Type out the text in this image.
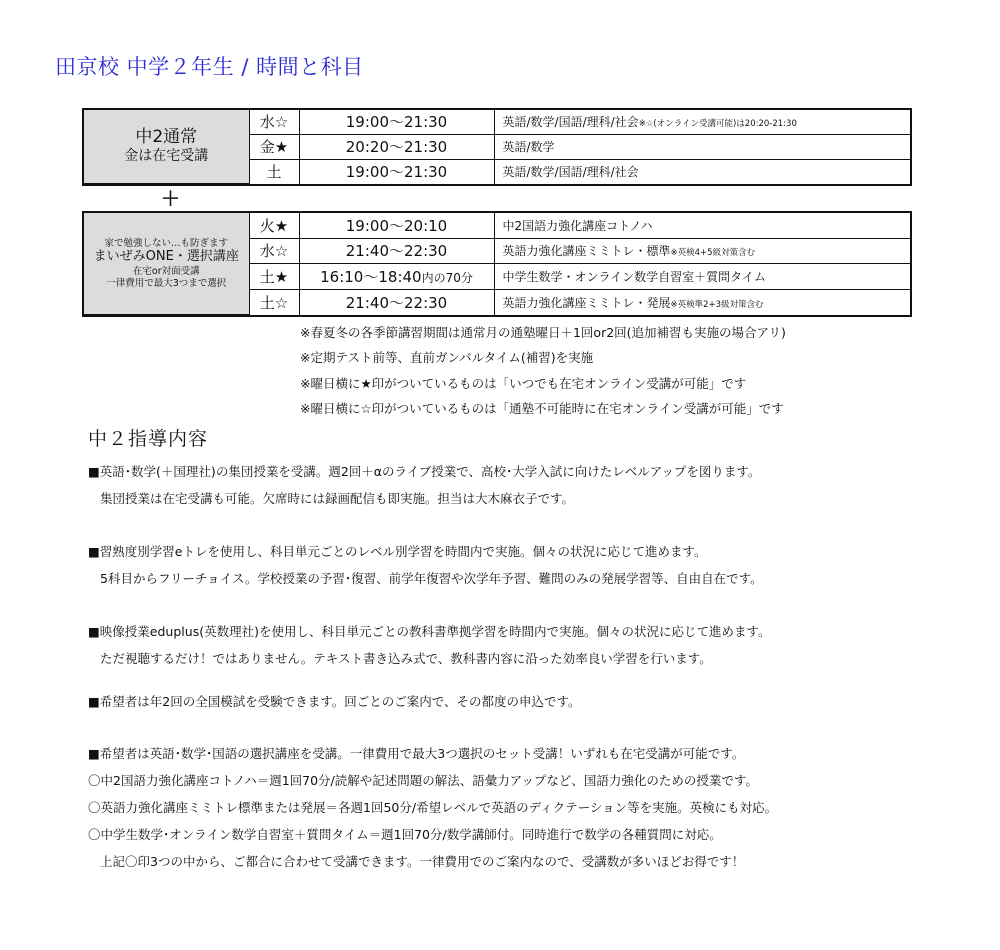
田京校 中学２年生 / 時間と科目
中2通常
金は在宅受講	水☆	19:00～21:30	英語/数学/国語/理科/社会※☆(オンライン受講可能)は20:20-21:30
	金★	20:20～21:30	英語/数学
	土	19:00～21:30	英語/数学/国語/理科/社会
＋
家で勉強しない…も防ぎます
まいぜみONE・選択講座
在宅or対面受講
一律費用で最大3つまで選択	火★	19:00～20:10	中2国語力強化講座コトノハ
	水☆	21:40～22:30	英語力強化講座ミミトレ・標準※英検4+5級対策含む
	土★	16:10～18:40内の70分	中学生数学・オンライン数学自習室＋質問タイム
	土☆	21:40～22:30	英語力強化講座ミミトレ・発展※英検準2+3級対策含む
※春夏冬の各季節講習期間は通常月の通塾曜日＋1回or2回(追加補習も実施の場合アリ)
※定期テスト前等、直前ガンバルタイム(補習)を実施
※曜日横に★印がついているものは「いつでも在宅オンライン受講が可能」です
※曜日横に☆印がついているものは「通塾不可能時に在宅オンライン受講が可能」です
中２指導内容
■英語･数学(＋国理社)の集団授業を受講。週2回＋αのライブ授業で、高校･大学入試に向けたレベルアップを図ります。
集団授業は在宅受講も可能。欠席時には録画配信も即実施。担当は大木麻衣子です。
■習熟度別学習eトレを使用し、科目単元ごとのレベル別学習を時間内で実施。個々の状況に応じて進めます。
5科目からフリーチョイス。学校授業の予習･復習、前学年復習や次学年予習、難問のみの発展学習等、自由自在です。
■映像授業eduplus(英数理社)を使用し、科目単元ごとの教科書準拠学習を時間内で実施。個々の状況に応じて進めます。
ただ視聴するだけ！ではありません。テキスト書き込み式で、教科書内容に沿った効率良い学習を行います。
■希望者は年2回の全国模試を受験できます。回ごとのご案内で、その都度の申込です。
■希望者は英語･数学･国語の選択講座を受講。一律費用で最大3つ選択のセット受講！いずれも在宅受講が可能です。
〇中2国語力強化講座コトノハ＝週1回70分/読解や記述問題の解法、語彙力アップなど、国語力強化のための授業です。
〇英語力強化講座ミミトレ標準または発展＝各週1回50分/希望レベルで英語のディクテーション等を実施。英検にも対応。
〇中学生数学･オンライン数学自習室＋質問タイム＝週1回70分/数学講師付。同時進行で数学の各種質問に対応。
上記〇印3つの中から、ご都合に合わせて受講できます。一律費用でのご案内なので、受講数が多いほどお得です！
